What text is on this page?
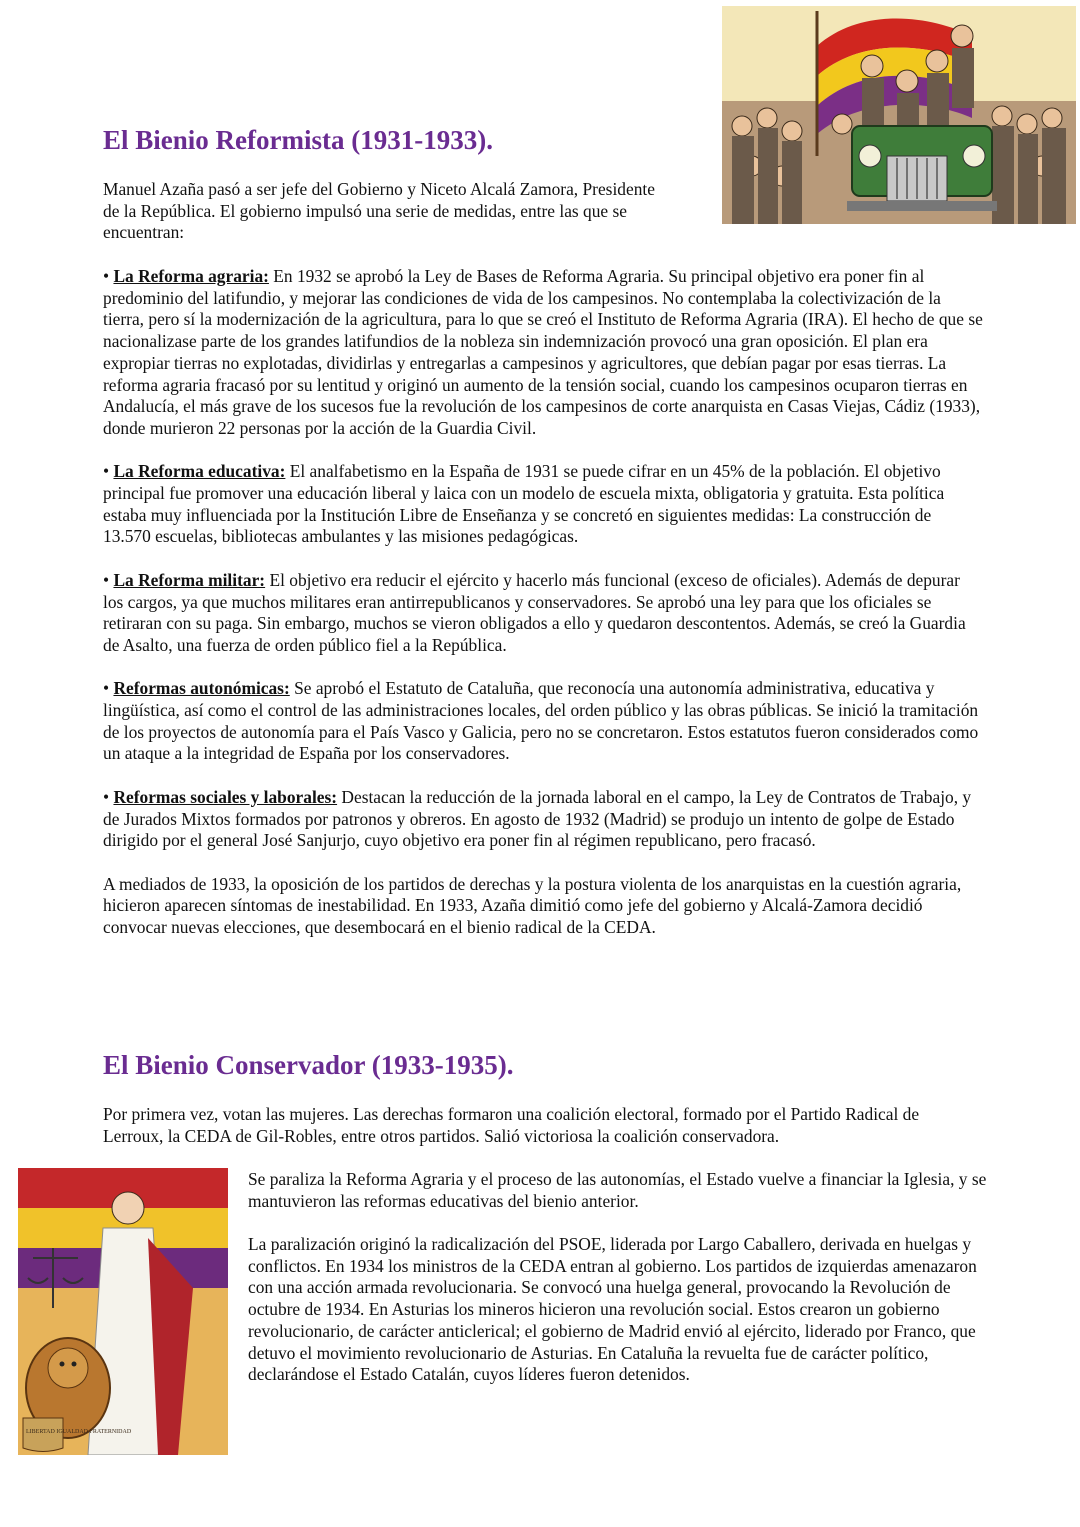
El Bienio Reformista (1931-1933).

Manuel Azaña pasó a ser jefe del Gobierno y Niceto Alcalá Zamora, Presidente de la República. El gobierno impulsó una serie de medidas, entre las que se encuentran:

• La Reforma agraria: En 1932 se aprobó la Ley de Bases de Reforma Agraria. Su principal objetivo era poner fin al predominio del latifundio, y mejorar las condiciones de vida de los campesinos. No contemplaba la colectivización de la tierra, pero sí la modernización de la agricultura, para lo que se creó el Instituto de Reforma Agraria (IRA). El hecho de que se nacionalizase parte de los grandes latifundios de la nobleza sin indemnización provocó una gran oposición. El plan era expropiar tierras no explotadas, dividirlas y entregarlas a campesinos y agricultores, que debían pagar por esas tierras. La reforma agraria fracasó por su lentitud y originó un aumento de la tensión social, cuando los campesinos ocuparon tierras en Andalucía, el más grave de los sucesos fue la revolución de los campesinos de corte anarquista en Casas Viejas, Cádiz (1933), donde murieron 22 personas por la acción de la Guardia Civil.

• La Reforma educativa: El analfabetismo en la España de 1931 se puede cifrar en un 45% de la población. El objetivo principal fue promover una educación liberal y laica con un modelo de escuela mixta, obligatoria y gratuita. Esta política estaba muy influenciada por la Institución Libre de Enseñanza y se concretó en siguientes medidas: La construcción de 13.570 escuelas, bibliotecas ambulantes y las misiones pedagógicas.

• La Reforma militar: El objetivo era reducir el ejército y hacerlo más funcional (exceso de oficiales). Además de depurar los cargos, ya que muchos militares eran antirrepublicanos y conservadores. Se aprobó una ley para que los oficiales se retiraran con su paga. Sin embargo, muchos se vieron obligados a ello y quedaron descontentos. Además, se creó la Guardia de Asalto, una fuerza de orden público fiel a la República.

• Reformas autonómicas: Se aprobó el Estatuto de Cataluña, que reconocía una autonomía administrativa, educativa y lingüística, así como el control de las administraciones locales, del orden público y las obras públicas. Se inició la tramitación de los proyectos de autonomía para el País Vasco y Galicia, pero no se concretaron. Estos estatutos fueron considerados como un ataque a la integridad de España por los conservadores.

• Reformas sociales y laborales: Destacan la reducción de la jornada laboral en el campo, la Ley de Contratos de Trabajo, y de Jurados Mixtos formados por patronos y obreros. En agosto de 1932 (Madrid) se produjo un intento de golpe de Estado dirigido por el general José Sanjurjo, cuyo objetivo era poner fin al régimen republicano, pero fracasó.

A mediados de 1933, la oposición de los partidos de derechas y la postura violenta de los anarquistas en la cuestión agraria, hicieron aparecen síntomas de inestabilidad. En 1933, Azaña dimitió como jefe del gobierno y Alcalá-Zamora decidió convocar nuevas elecciones, que desembocará en el bienio radical de la CEDA.

El Bienio Conservador (1933-1935).

Por primera vez, votan las mujeres. Las derechas formaron una coalición electoral, formado por el Partido Radical de Lerroux, la CEDA de Gil-Robles, entre otros partidos. Salió victoriosa la coalición conservadora.

LIBERTAD IGUALDAD FRATERNIDAD

Se paraliza la Reforma Agraria y el proceso de las autonomías, el Estado vuelve a financiar la Iglesia, y se mantuvieron las reformas educativas del bienio anterior.

La paralización originó la radicalización del PSOE, liderada por Largo Caballero, derivada en huelgas y conflictos. En 1934 los ministros de la CEDA entran al gobierno. Los partidos de izquierdas amenazaron con una acción armada revolucionaria. Se convocó una huelga general, provocando la Revolución de octubre de 1934. En Asturias los mineros hicieron una revolución social. Estos crearon un gobierno revolucionario, de carácter anticlerical; el gobierno de Madrid envió al ejército, liderado por Franco, que detuvo el movimiento revolucionario de Asturias. En Cataluña la revuelta fue de carácter político, declarándose el Estado Catalán, cuyos líderes fueron detenidos.
